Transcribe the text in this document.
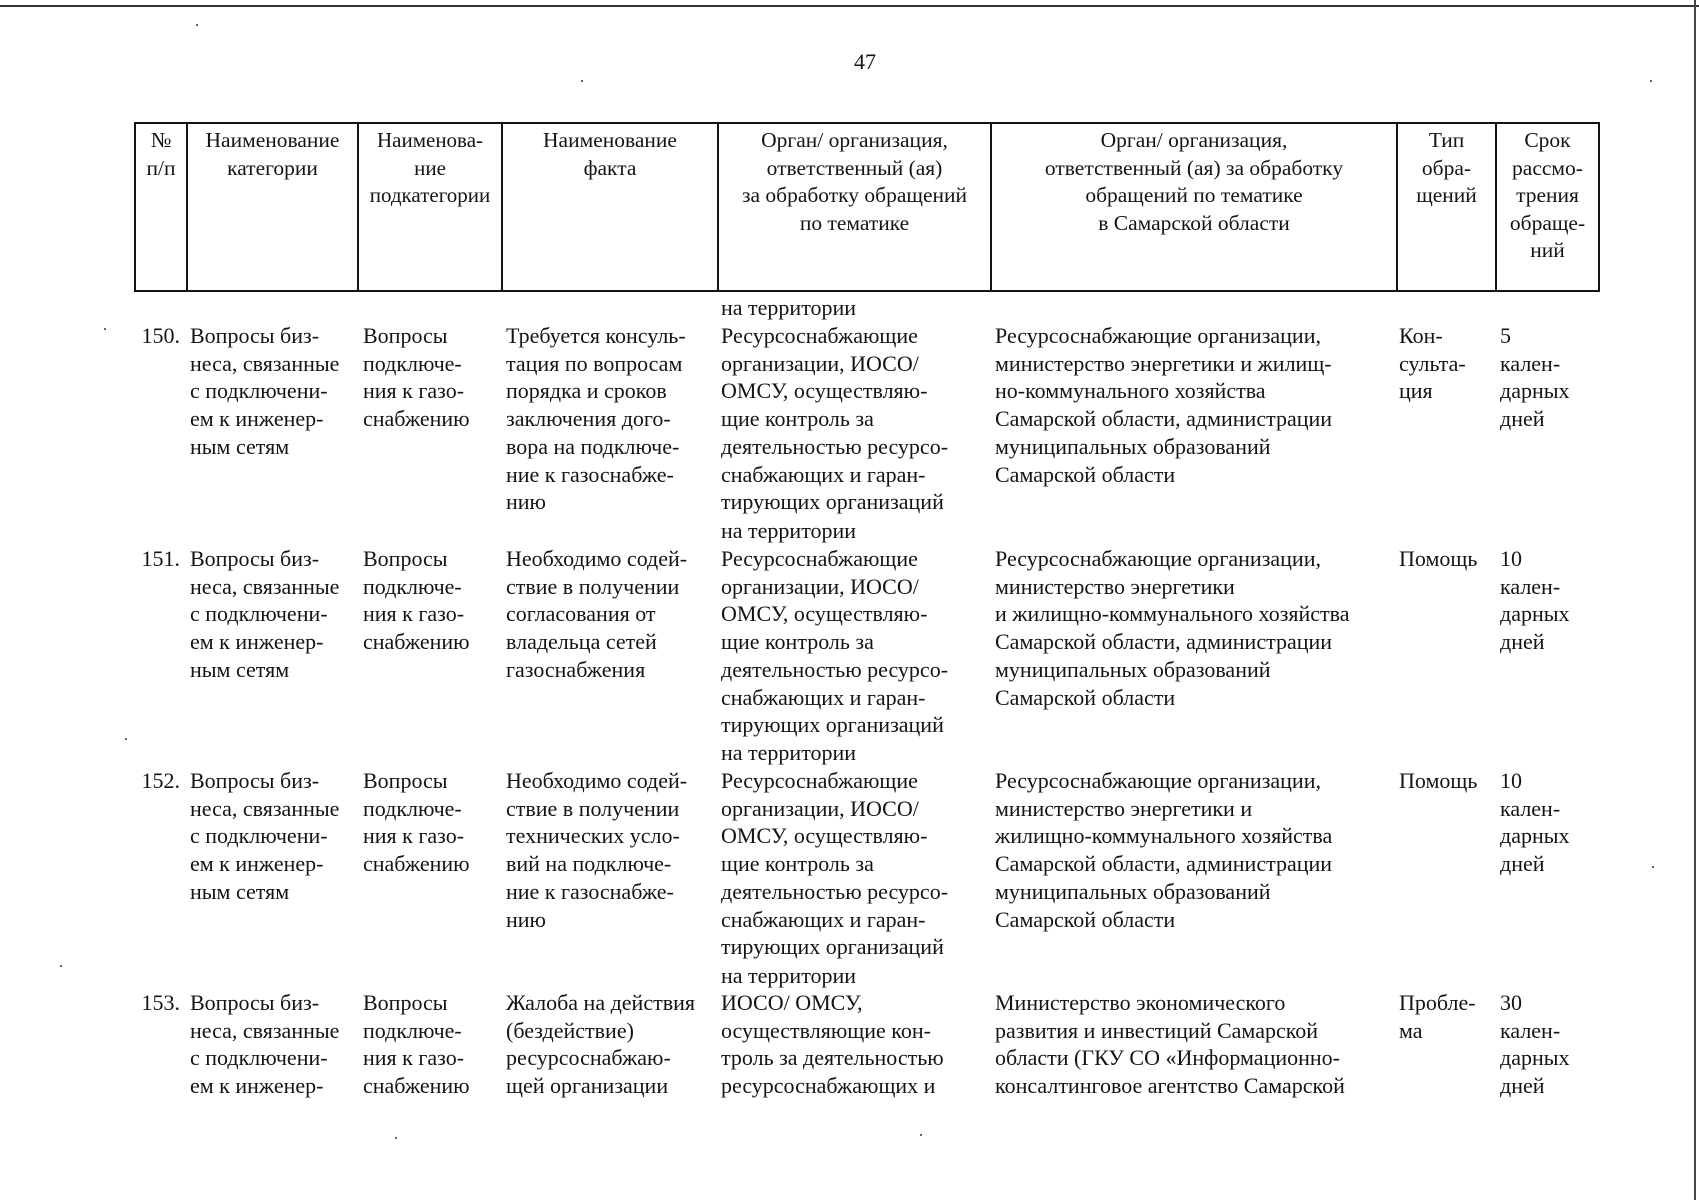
47
№
п/п
Наименование
категории
Наименова-
ние
подкатегории
Наименование
факта
Орган/ организация,
ответственный (ая)
за обработку обращений
по тематике
Орган/ организация,
ответственный (ая) за обработку
обращений по тематике
в Самарской области
Тип
обра-
щений
Срок
рассмо-
трения
обраще-
ний
на территории
150. Вопросы биз-
неса, связанные
с подключени-
ем к инженер-
ным сетям
Вопросы
подключе-
ния к газо-
снабжению
Требуется консуль-
тация по вопросам
порядка и сроков
заключения дого-
вора на подключе-
ние к газоснабже-
нию
Ресурсоснабжающие
организации, ИОСО/
ОМСУ, осуществляю-
щие контроль за
деятельностью ресурсо-
снабжающих и гаран-
тирующих организаций
Ресурсоснабжающие организации,
министерство энергетики и жилищ-
но-коммунального хозяйства
Самарской области, администрации
муниципальных образований
Самарской области
Кон-
сульта-
ция
5
кален-
дарных
дней
на территории
151. Вопросы биз-
неса, связанные
с подключени-
ем к инженер-
ным сетям
Вопросы
подключе-
ния к газо-
снабжению
Необходимо содей-
ствие в получении
согласования от
владельца сетей
газоснабжения
Ресурсоснабжающие
организации, ИОСО/
ОМСУ, осуществляю-
щие контроль за
деятельностью ресурсо-
снабжающих и гаран-
тирующих организаций
Ресурсоснабжающие организации,
министерство энергетики
и жилищно-коммунального хозяйства
Самарской области, администрации
муниципальных образований
Самарской области
Помощь 10
кален-
дарных
дней
на территории
152. Вопросы биз-
неса, связанные
с подключени-
ем к инженер-
ным сетям
Вопросы
подключе-
ния к газо-
снабжению
Необходимо содей-
ствие в получении
технических усло-
вий на подключе-
ние к газоснабже-
нию
Ресурсоснабжающие
организации, ИОСО/
ОМСУ, осуществляю-
щие контроль за
деятельностью ресурсо-
снабжающих и гаран-
тирующих организаций
Ресурсоснабжающие организации,
министерство энергетики и
жилищно-коммунального хозяйства
Самарской области, администрации
муниципальных образований
Самарской области
Помощь 10
кален-
дарных
дней
на территории
153. Вопросы биз-
неса, связанные
с подключени-
ем к инженер-
Вопросы
подключе-
ния к газо-
снабжению
Жалоба на действия
(бездействие)
ресурсоснабжаю-
щей организации
ИОСО/ ОМСУ,
осуществляющие кон-
троль за деятельностью
ресурсоснабжающих и
Министерство экономического
развития и инвестиций Самарской
области (ГКУ СО «Информационно-
консалтинговое агентство Самарской
Пробле-
ма
30
кален-
дарных
дней
